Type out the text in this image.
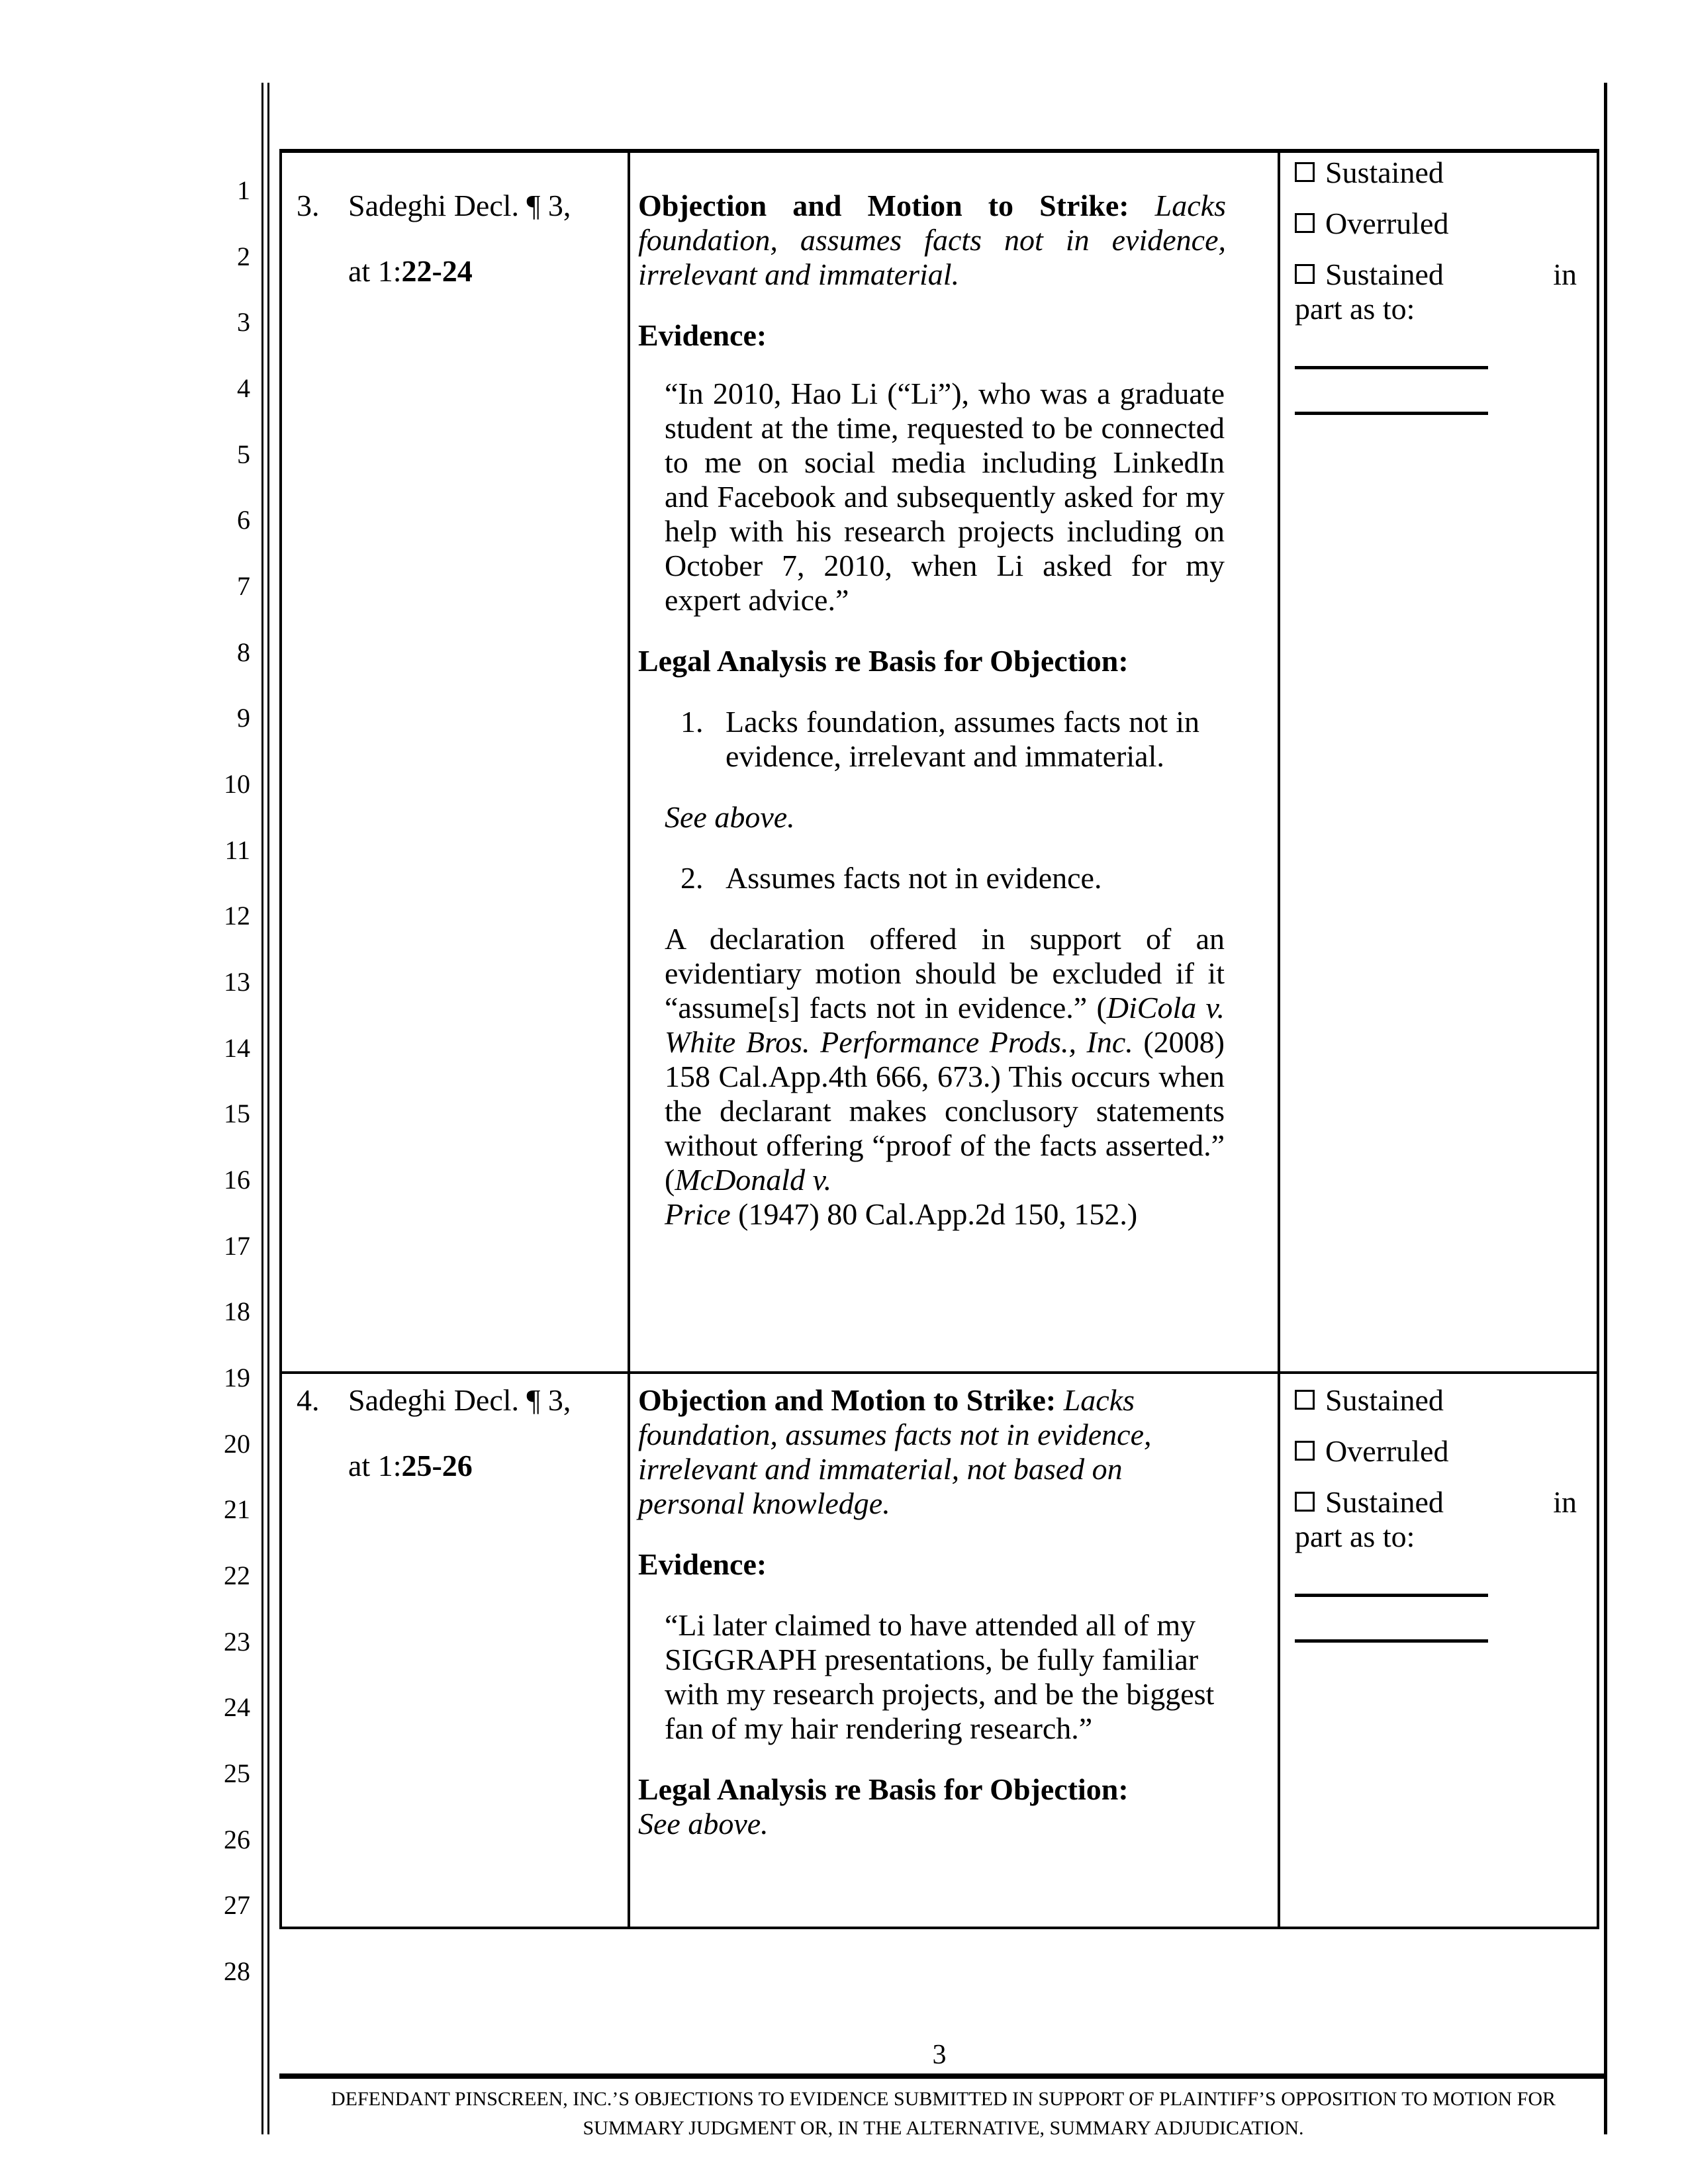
1
2
3
4
5
6
7
8
9
10
11
12
13
14
15
16
17
18
19
20
21
22
23
24
25
26
27
28
3. Sadeghi Decl. ¶ 3,
at 1:22-24

Objection and Motion to Strike: Lacks foundation, assumes facts not in evidence, irrelevant and immaterial.

Evidence:

“In 2010, Hao Li (“Li”), who was a graduate student at the time, requested to be connected to me on social media including LinkedIn and Facebook and subsequently asked for my help with his research projects including on October 7, 2010, when Li asked for my expert advice.”

Legal Analysis re Basis for Objection:

1. Lacks foundation, assumes facts not in evidence, irrelevant and immaterial.

See above.

2. Assumes facts not in evidence.
A declaration offered in support of an evidentiary motion should be excluded if it “assume[s] facts not in evidence.” (DiCola v. White Bros. Performance Prods., Inc. (2008) 158 Cal.App.4th 666, 673.) This occurs when the declarant makes conclusory statements without offering “proof of the facts asserted.” (McDonald v.
Price (1947) 80 Cal.App.2d 150, 152.)
Sustained
Overruled
Sustained	in
part as to:
4. Sadeghi Decl. ¶ 3,
at 1:25-26

Objection and Motion to Strike: Lacks foundation, assumes facts not in evidence, irrelevant and immaterial, not based on personal knowledge.

Evidence:

“Li later claimed to have attended all of my SIGGRAPH presentations, be fully familiar with my research projects, and be the biggest fan of my hair rendering research.”

Legal Analysis re Basis for Objection:

See above.

Sustained
Overruled
Sustained	in
part as to:
3
DEFENDANT PINSCREEN, INC.’S OBJECTIONS TO EVIDENCE SUBMITTED IN SUPPORT OF PLAINTIFF’S OPPOSITION TO MOTION FOR
SUMMARY JUDGMENT OR, IN THE ALTERNATIVE, SUMMARY ADJUDICATION.
